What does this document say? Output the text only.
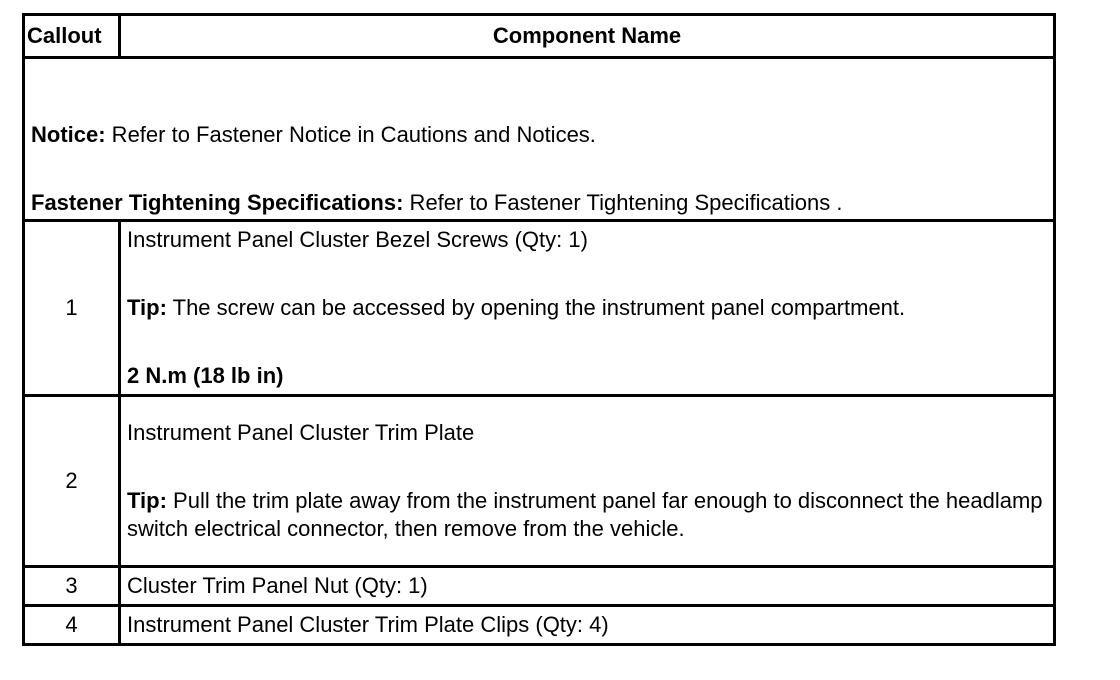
Callout	Component Name

Notice: Refer to Fastener Notice in Cautions and Notices.

Fastener Tightening Specifications: Refer to Fastener Tightening Specifications .	

1	Instrument Panel Cluster Bezel Screws (Qty: 1)

Tip: The screw can be accessed by opening the instrument panel compartment.

2 N.m (18 lb in)

2	Instrument Panel Cluster Trim Plate

Tip: Pull the trim plate away from the instrument panel far enough to disconnect the headlamp switch electrical connector, then remove from the vehicle.

3	Cluster Trim Panel Nut (Qty: 1)
4	Instrument Panel Cluster Trim Plate Clips (Qty: 4)
